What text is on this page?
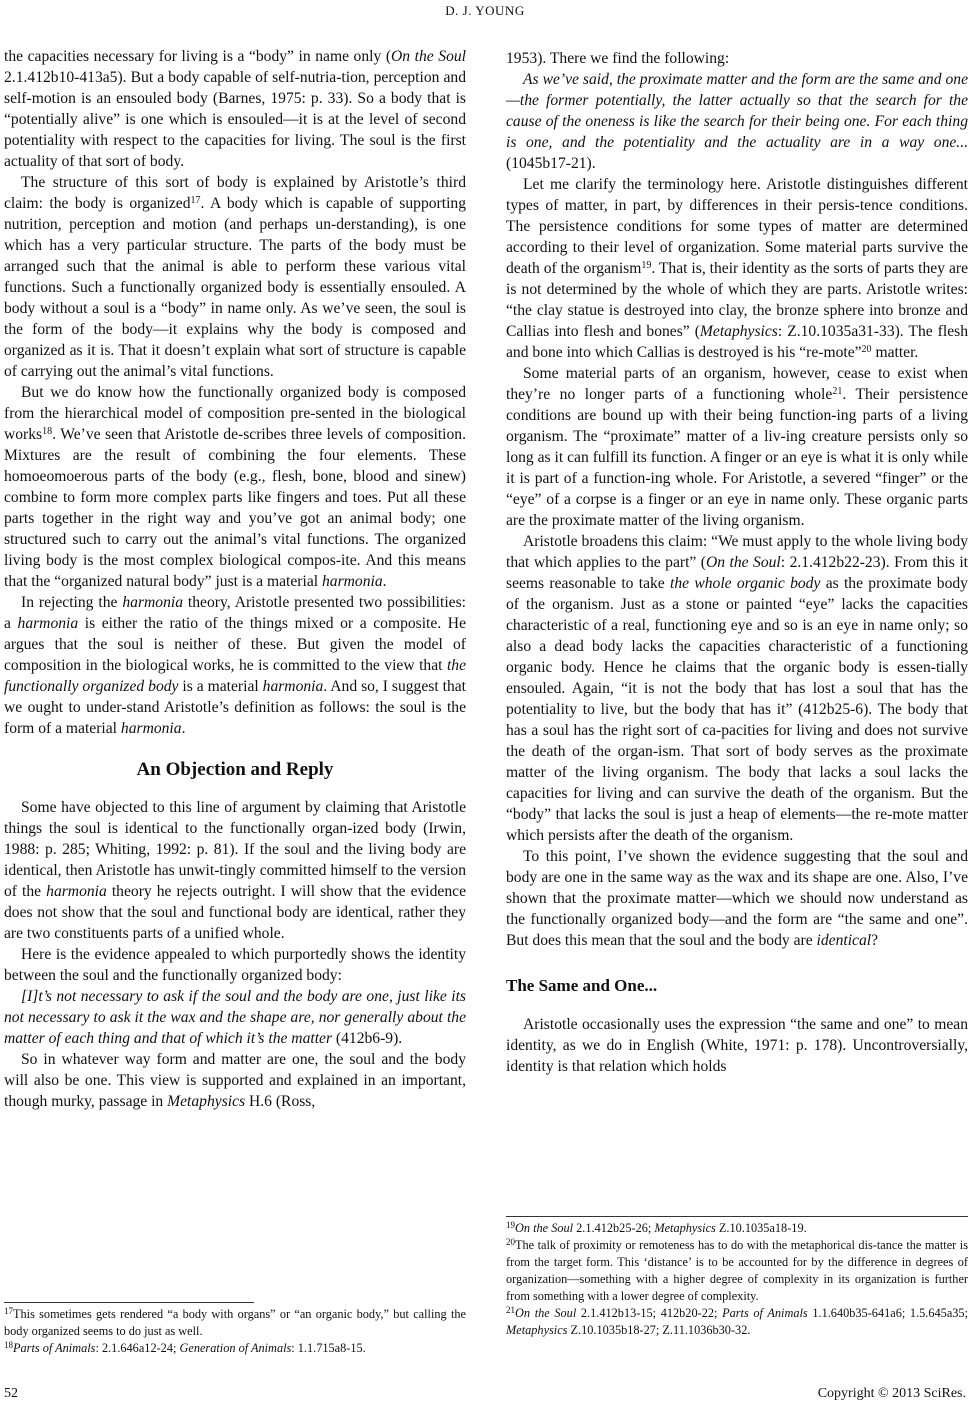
D. J. YOUNG

the capacities necessary for living is a “body” in name only (On the Soul 2.1.412b10-413a5). But a body capable of self-nutria-tion, perception and self-motion is an ensouled body (Barnes, 1975: p. 33). So a body that is “potentially alive” is one which is ensouled—it is at the level of second potentiality with respect to the capacities for living. The soul is the first actuality of that sort of body.

The structure of this sort of body is explained by Aristotle’s third claim: the body is organized$^{17}$. A body which is capable of supporting nutrition, perception and motion (and perhaps un-derstanding), is one which has a very particular structure. The parts of the body must be arranged such that the animal is able to perform these various vital functions. Such a functionally organized body is essentially ensouled. A body without a soul is a “body” in name only. As we’ve seen, the soul is the form of the body—it explains why the body is composed and organized as it is. That it doesn’t explain what sort of structure is capable of carrying out the animal’s vital functions.

But we do know how the functionally organized body is composed from the hierarchical model of composition pre-sented in the biological works$^{18}$. We’ve seen that Aristotle de-scribes three levels of composition. Mixtures are the result of combining the four elements. These homoeomoerous parts of the body (e.g., flesh, bone, blood and sinew) combine to form more complex parts like fingers and toes. Put all these parts together in the right way and you’ve got an animal body; one structured such to carry out the animal’s vital functions. The organized living body is the most complex biological compos-ite. And this means that the “organized natural body” just is a material harmonia.

In rejecting the harmonia theory, Aristotle presented two possibilities: a harmonia is either the ratio of the things mixed or a composite. He argues that the soul is neither of these. But given the model of composition in the biological works, he is committed to the view that the functionally organized body is a material harmonia. And so, I suggest that we ought to under-stand Aristotle’s definition as follows: the soul is the form of a material harmonia.

An Objection and Reply

Some have objected to this line of argument by claiming that Aristotle things the soul is identical to the functionally organ-ized body (Irwin, 1988: p. 285; Whiting, 1992: p. 81). If the soul and the living body are identical, then Aristotle has unwit-tingly committed himself to the version of the harmonia theory he rejects outright. I will show that the evidence does not show that the soul and functional body are identical, rather they are two constituents parts of a unified whole.

Here is the evidence appealed to which purportedly shows the identity between the soul and the functionally organized body:

[I]t’s not necessary to ask if the soul and the body are one, just like its not necessary to ask it the wax and the shape are, nor generally about the matter of each thing and that of which it’s the matter (412b6-9).

So in whatever way form and matter are one, the soul and the body will also be one. This view is supported and explained in an important, though murky, passage in Metaphysics H.6 (Ross,

1953). There we find the following:

As we’ve said, the proximate matter and the form are the same and one—the former potentially, the latter actually so that the search for the cause of the oneness is like the search for their being one. For each thing is one, and the potentiality and the actuality are in a way one... (1045b17-21).

Let me clarify the terminology here. Aristotle distinguishes different types of matter, in part, by differences in their persis-tence conditions. The persistence conditions for some types of matter are determined according to their level of organization. Some material parts survive the death of the organism$^{19}$. That is, their identity as the sorts of parts they are is not determined by the whole of which they are parts. Aristotle writes: “the clay statue is destroyed into clay, the bronze sphere into bronze and Callias into flesh and bones” (Metaphysics: Z.10.1035a31-33). The flesh and bone into which Callias is destroyed is his “re-mote”$^{20}$ matter.

Some material parts of an organism, however, cease to exist when they’re no longer parts of a functioning whole$^{21}$. Their persistence conditions are bound up with their being function-ing parts of a living organism. The “proximate” matter of a liv-ing creature persists only so long as it can fulfill its function. A finger or an eye is what it is only while it is part of a function-ing whole. For Aristotle, a severed “finger” or the “eye” of a corpse is a finger or an eye in name only. These organic parts are the proximate matter of the living organism.

Aristotle broadens this claim: “We must apply to the whole living body that which applies to the part” (On the Soul: 2.1.412b22-23). From this it seems reasonable to take the whole organic body as the proximate body of the organism. Just as a stone or painted “eye” lacks the capacities characteristic of a real, functioning eye and so is an eye in name only; so also a dead body lacks the capacities characteristic of a functioning organic body. Hence he claims that the organic body is essen-tially ensouled. Again, “it is not the body that has lost a soul that has the potentiality to live, but the body that has it” (412b25-6). The body that has a soul has the right sort of ca-pacities for living and does not survive the death of the organ-ism. That sort of body serves as the proximate matter of the living organism. The body that lacks a soul lacks the capacities for living and can survive the death of the organism. But the “body” that lacks the soul is just a heap of elements—the re-mote matter which persists after the death of the organism.

To this point, I’ve shown the evidence suggesting that the soul and body are one in the same way as the wax and its shape are one. Also, I’ve shown that the proximate matter—which we should now understand as the functionally organized body—and the form are “the same and one”. But does this mean that the soul and the body are identical?

The Same and One...

Aristotle occasionally uses the expression “the same and one” to mean identity, as we do in English (White, 1971: p. 178). Uncontroversially, identity is that relation which holds

$^{17}$This sometimes gets rendered “a body with organs” or “an organic body,” but calling the body organized seems to do just as well.

$^{18}$Parts of Animals: 2.1.646a12-24; Generation of Animals: 1.1.715a8-15.

$^{19}$On the Soul 2.1.412b25-26; Metaphysics Z.10.1035a18-19.

$^{20}$The talk of proximity or remoteness has to do with the metaphorical dis-tance the matter is from the target form. This ‘distance’ is to be accounted for by the difference in degrees of organization—something with a higher degree of complexity in its organization is further from something with a lower degree of complexity.

$^{21}$On the Soul 2.1.412b13-15; 412b20-22; Parts of Animals 1.1.640b35-641a6; 1.5.645a35; Metaphysics Z.10.1035b18-27; Z.11.1036b30-32.

52	Copyright © 2013 SciRes.
